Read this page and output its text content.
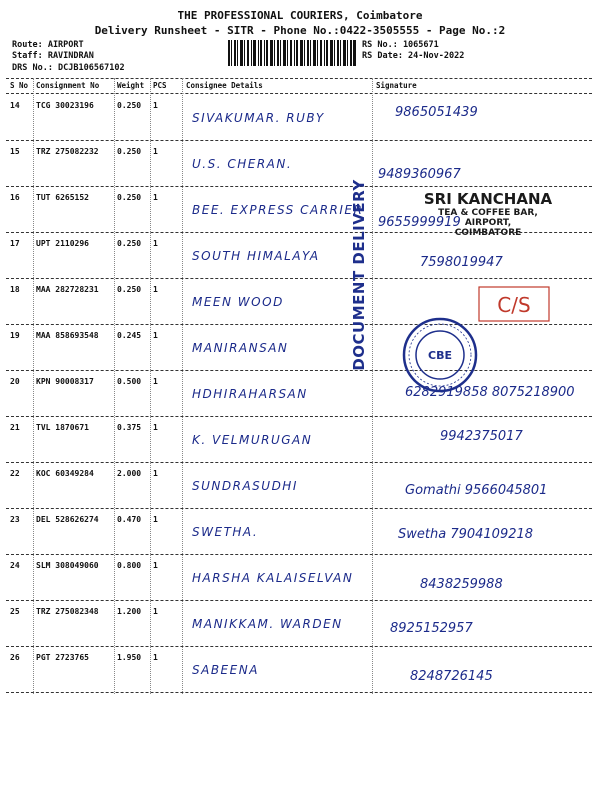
THE PROFESSIONAL COURIERS, Coimbatore
Delivery Runsheet - SITR - Phone No.:0422-3505555 - Page No.:2
Route: AIRPORT
Staff: RAVINDRAN
DRS No.: DCJB106567102
RS No.: 1065671
RS Date: 24-Nov-2022
S No Consignment No Weight PCS	Consignee Details	Signature
14 TCG 30023196	0.250 1
SIVAKUMAR. RUBY	9865051439
15 TRZ 275082232 0.250 1
U.S. CHERAN.
9489360967
16 TUT 6265152	0.250 1
BEE. EXPRESS CARRIER
9655999919
17 UPT 2110296	0.250 1
SOUTH HIMALAYA	7598019947
18 MAA 282728231 0.250 1
MEEN WOOD
19 MAA 858693548 0.245 1
MANIRANSAN
20 KPN 90008317	0.500 1
HDHIRAHARSAN	6282919858 8075218900
21 TVL 1870671	0.375 1
K. VELMURUGAN	9942375017
22 KOC 60349284	2.000 1
SUNDRASUDHI	Gomathi 9566045801
23 DEL 528626274 0.470 1
SWETHA.	Swetha 7904109218
24 SLM 308049060 0.800 1
HARSHA KALAISELVAN	8438259988
25 TRZ 275082348 1.200 1
MANIKKAM. WARDEN	8925152957
26 PGT 2723765	1.950 1
SABEENA	8248726145
DOCUMENT DELIVERY	SRI KANCHANA
TEA & COFFEE BAR,
AIRPORT,
COIMBATORE
CBE
C/S
